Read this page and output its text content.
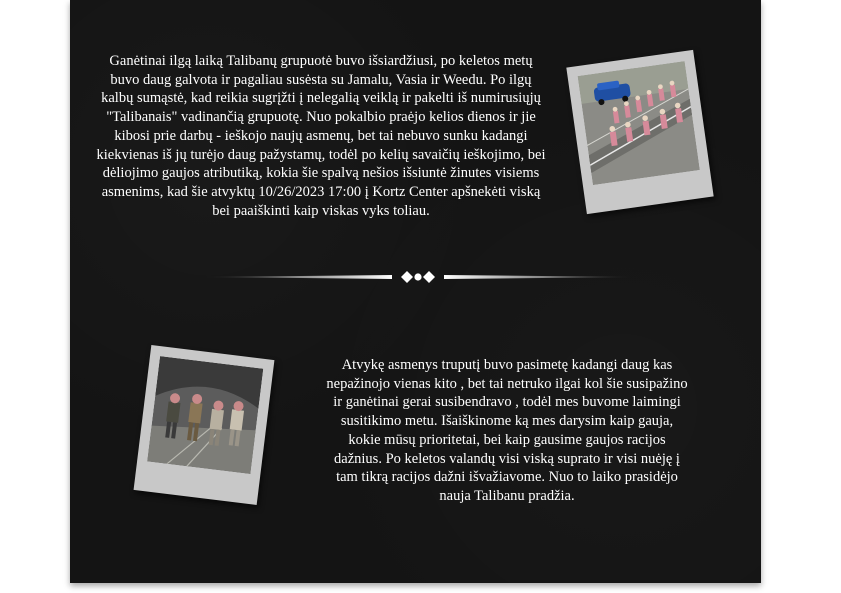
Ganėtinai ilgą laiką Talibanų grupuotė buvo išsiardžiusi, po keletos metų
buvo daug galvota ir pagaliau susėsta su Jamalu, Vasia ir Weedu. Po ilgų
kalbų sumąstė, kad reikia sugrįžti į nelegalią veiklą ir pakelti iš numirusiųjų
"Talibanais" vadinančią grupuotę. Nuo pokalbio praėjo kelios dienos ir jie
kibosi prie darbų - ieškojo naujų asmenų, bet tai nebuvo sunku kadangi
kiekvienas iš jų turėjo daug pažystamų, todėl po kelių savaičių ieškojimo, bei
dėliojimo gaujos atributiką, kokia šie spalvą nešios išsiuntė žinutes visiems
asmenims, kad šie atvyktų 10/26/2023 17:00 į Kortz Center apšnekėti viską
bei paaiškinti kaip viskas vyks toliau.

Atvykę asmenys truputį buvo pasimetę kadangi daug kas
nepažinojo vienas kito , bet tai netruko ilgai kol šie susipažino
ir ganėtinai gerai susibendravo , todėl mes buvome laimingi
susitikimo metu. Išaiškinome ką mes darysim kaip gauja,
kokie mūsų prioritetai, bei kaip gausime gaujos racijos
dažnius. Po keletos valandų visi viską suprato ir visi nuėję į
tam tikrą racijos dažni išvažiavome. Nuo to laiko prasidėjo
nauja Talibanu pradžia.
